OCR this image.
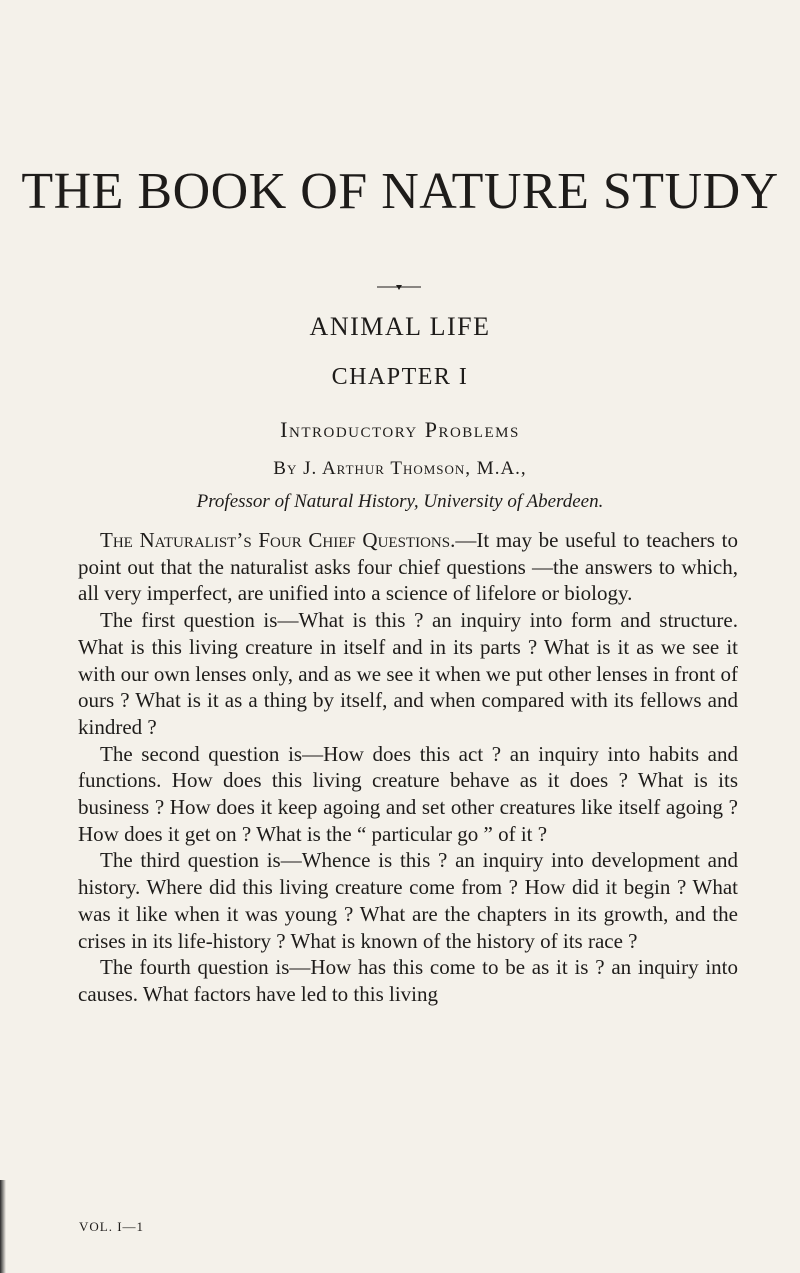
THE BOOK OF NATURE STUDY
ANIMAL LIFE
CHAPTER I
Introductory Problems
By J. Arthur Thomson, M.A.,
Professor of Natural History, University of Aberdeen.

The Naturalist’s Four Chief Questions.—It may be useful to teachers to point out that the naturalist asks four chief questions —the answers to which, all very imperfect, are unified into a science of lifelore or biology.

The first question is—What is this ? an inquiry into form and structure. What is this living creature in itself and in its parts ? What is it as we see it with our own lenses only, and as we see it when we put other lenses in front of ours ? What is it as a thing by itself, and when compared with its fellows and kindred ?

The second question is—How does this act ? an inquiry into habits and functions. How does this living creature behave as it does ? What is its business ? How does it keep agoing and set other creatures like itself agoing ? How does it get on ? What is the “ particular go ” of it ?

The third question is—Whence is this ? an inquiry into development and history. Where did this living creature come from ? How did it begin ? What was it like when it was young ? What are the chapters in its growth, and the crises in its life-history ? What is known of the history of its race ?

The fourth question is—How has this come to be as it is ? an inquiry into causes. What factors have led to this living

VOL. I—1
